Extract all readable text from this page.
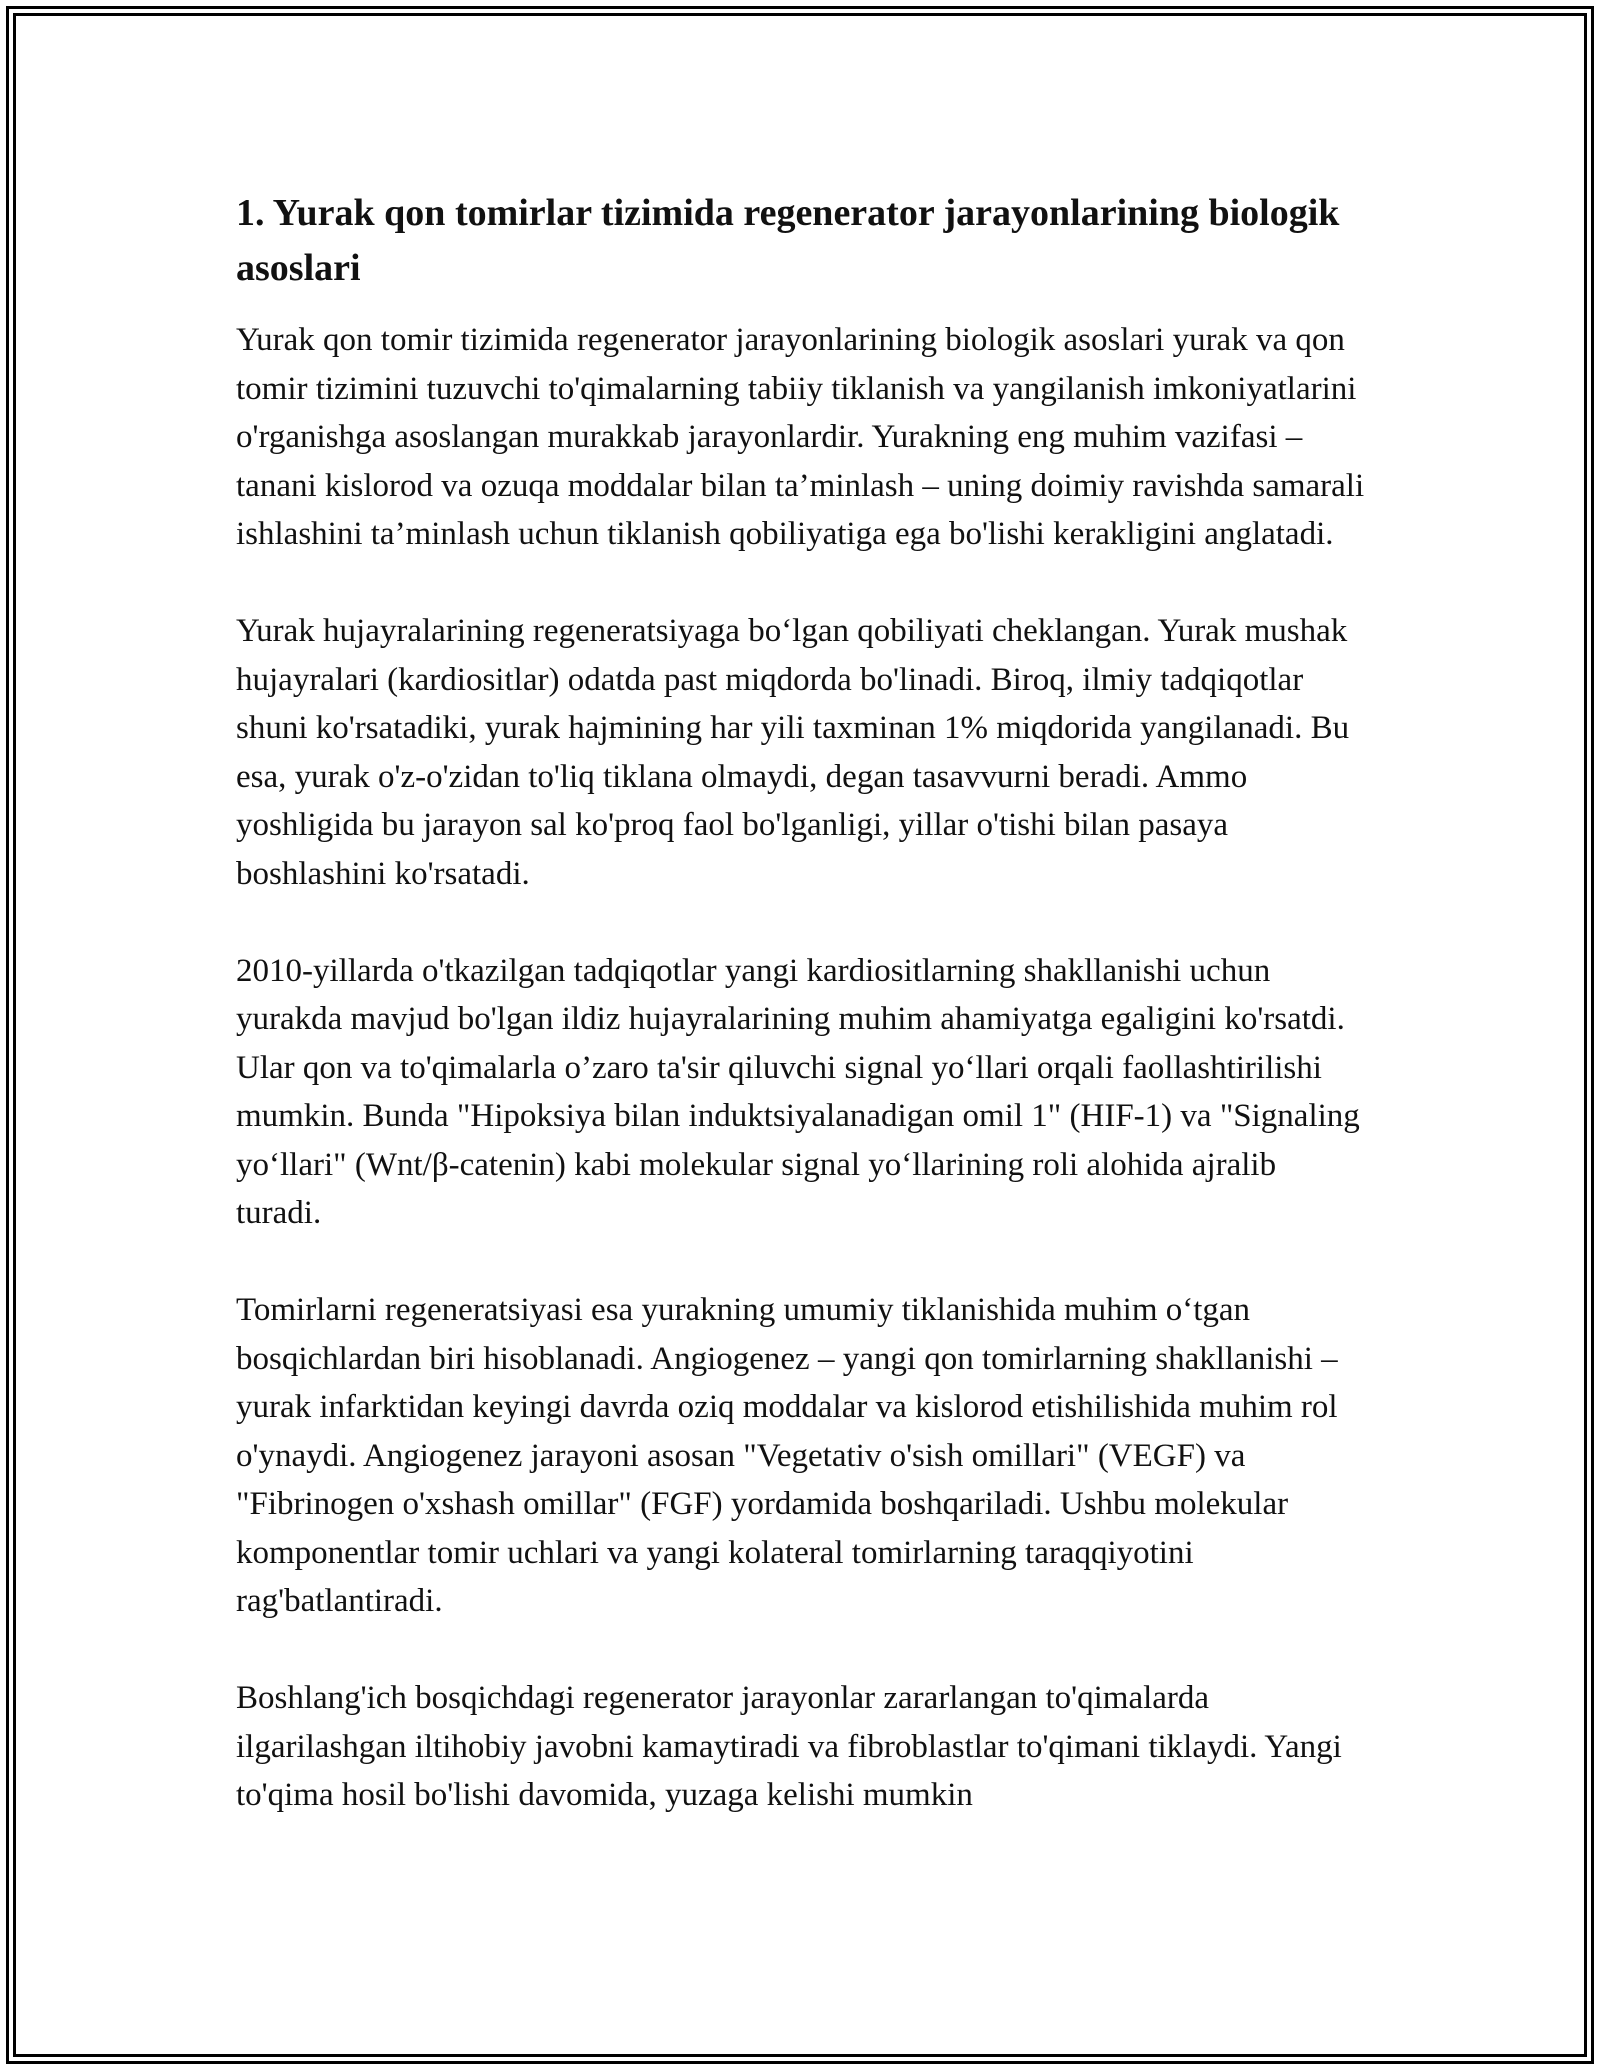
1. Yurak qon tomirlar tizimida regenerator jarayonlarining biologik asoslari

Yurak qon tomir tizimida regenerator jarayonlarining biologik asoslari yurak va qon tomir tizimini tuzuvchi to'qimalarning tabiiy tiklanish va yangilanish imkoniyatlarini o'rganishga asoslangan murakkab jarayonlardir. Yurakning eng muhim vazifasi – tanani kislorod va ozuqa moddalar bilan ta’minlash – uning doimiy ravishda samarali ishlashini ta’minlash uchun tiklanish qobiliyatiga ega bo'lishi kerakligini anglatadi.

Yurak hujayralarining regeneratsiyaga bo‘lgan qobiliyati cheklangan. Yurak mushak hujayralari (kardiositlar) odatda past miqdorda bo'linadi. Biroq, ilmiy tadqiqotlar shuni ko'rsatadiki, yurak hajmining har yili taxminan 1% miqdorida yangilanadi. Bu esa, yurak o'z-o'zidan to'liq tiklana olmaydi, degan tasavvurni beradi. Ammo yoshligida bu jarayon sal ko'proq faol bo'lganligi, yillar o'tishi bilan pasaya boshlashini ko'rsatadi.

2010-yillarda o'tkazilgan tadqiqotlar yangi kardiositlarning shakllanishi uchun yurakda mavjud bo'lgan ildiz hujayralarining muhim ahamiyatga egaligini ko'rsatdi. Ular qon va to'qimalarla o’zaro ta'sir qiluvchi signal yo‘llari orqali faollashtirilishi mumkin. Bunda "Hipoksiya bilan induktsiyalanadigan omil 1" (HIF-1) va "Signaling yo‘llari" (Wnt/β-catenin) kabi molekular signal yo‘llarining roli alohida ajralib turadi.

Tomirlarni regeneratsiyasi esa yurakning umumiy tiklanishida muhim o‘tgan bosqichlardan biri hisoblanadi. Angiogenez – yangi qon tomirlarning shakllanishi – yurak infarktidan keyingi davrda oziq moddalar va kislorod etishilishida muhim rol o'ynaydi. Angiogenez jarayoni asosan "Vegetativ o'sish omillari" (VEGF) va "Fibrinogen o'xshash omillar" (FGF) yordamida boshqariladi. Ushbu molekular komponentlar tomir uchlari va yangi kolateral tomirlarning taraqqiyotini rag'batlantiradi.

Boshlang'ich bosqichdagi regenerator jarayonlar zararlangan to'qimalarda ilgarilashgan iltihobiy javobni kamaytiradi va fibroblastlar to'qimani tiklaydi. Yangi to'qima hosil bo'lishi davomida, yuzaga kelishi mumkin
